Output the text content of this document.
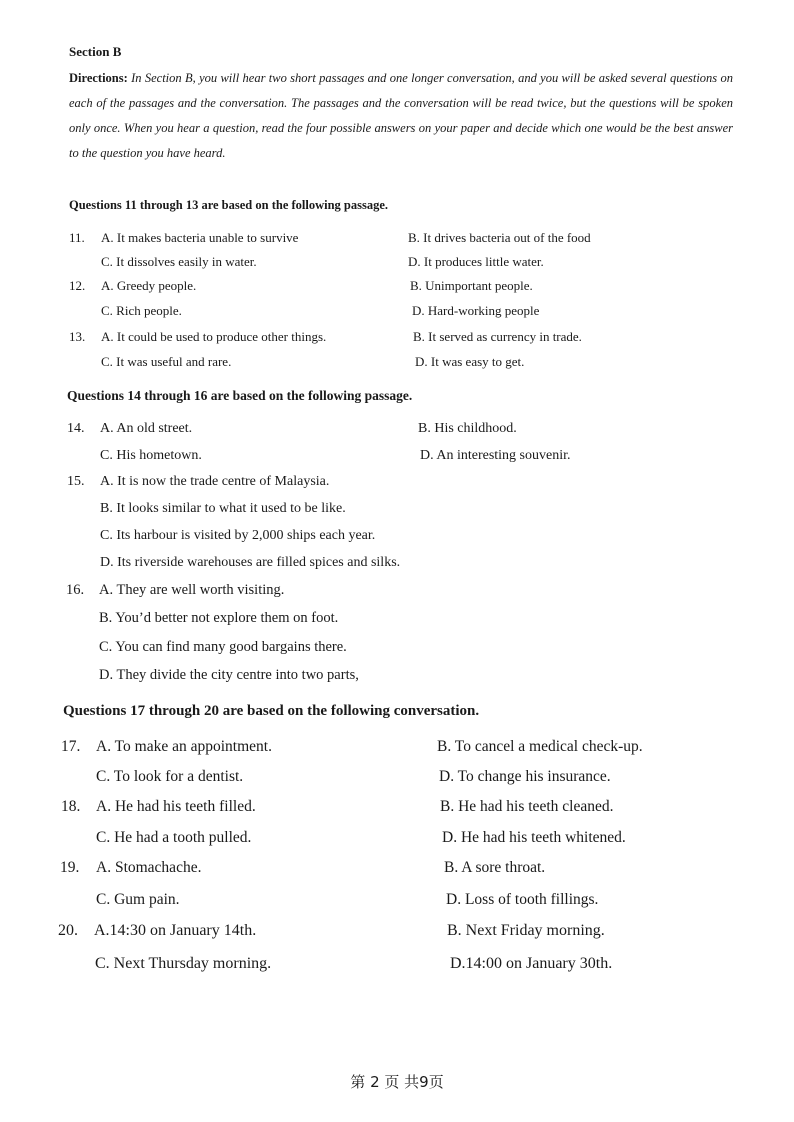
Section B
Directions: In Section B, you will hear two short passages and one longer conversation, and you will be asked several questions on each of the passages and the conversation. The passages and the conversation will be read twice, but the questions will be spoken only once. When you hear a question, read the four possible answers on your paper and decide which one would be the best answer to the question you have heard.
Questions 11 through 13 are based on the following passage.
11. A. It makes bacteria unable to survive	B. It drives bacteria out of the food
C. It dissolves easily in water.	D. It produces little water.
12. A. Greedy people.	B. Unimportant people.
C. Rich people.	D. Hard-working people
13. A. It could be used to produce other things.	B. It served as currency in trade.
C. It was useful and rare.	D. It was easy to get.
Questions 14 through 16 are based on the following passage.
14. A. An old street.	B. His childhood.
C. His hometown.	D. An interesting souvenir.
15. A. It is now the trade centre of Malaysia.
B. It looks similar to what it used to be like.
C. Its harbour is visited by 2,000 ships each year.
D. Its riverside warehouses are filled spices and silks.
16. A. They are well worth visiting.
B. You’d better not explore them on foot.
C. You can find many good bargains there.
D. They divide the city centre into two parts,
Questions 17 through 20 are based on the following conversation.
17. A. To make an appointment.	B. To cancel a medical check-up.
C. To look for a dentist.	D. To change his insurance.
18. A. He had his teeth filled.	B. He had his teeth cleaned.
C. He had a tooth pulled.	D. He had his teeth whitened.
19. A. Stomachache.	B. A sore throat.
C. Gum pain.	D. Loss of tooth fillings.
20. A.14:30 on January 14th.	B. Next Friday morning.
C. Next Thursday morning.	D.14:00 on January 30th.
第 2 页 共9页
